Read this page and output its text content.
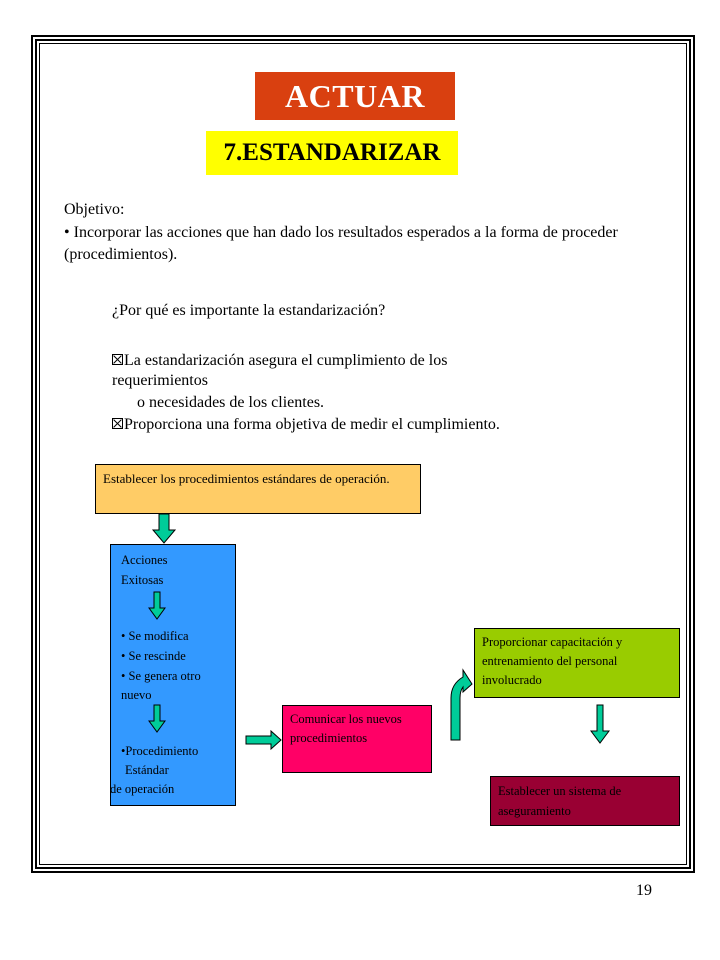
ACTUAR
7.ESTANDARIZAR
Objetivo:
• Incorporar las acciones que han dado los resultados esperados a la forma de proceder (procedimientos).
¿Por qué es importante la estandarización?
La estandarización asegura el cumplimiento de los
requerimientos
o necesidades de los clientes.
Proporciona una forma objetiva de medir el cumplimiento.
Establecer los procedimientos estándares de operación.
Acciones
Exitosas
• Se modifica
• Se rescinde
• Se genera otro
nuevo
•Procedimiento
Estándar
de operación
Comunicar los nuevos procedimientos
Proporcionar capacitación y entrenamiento del personal involucrado
Establecer un sistema de aseguramiento
19
